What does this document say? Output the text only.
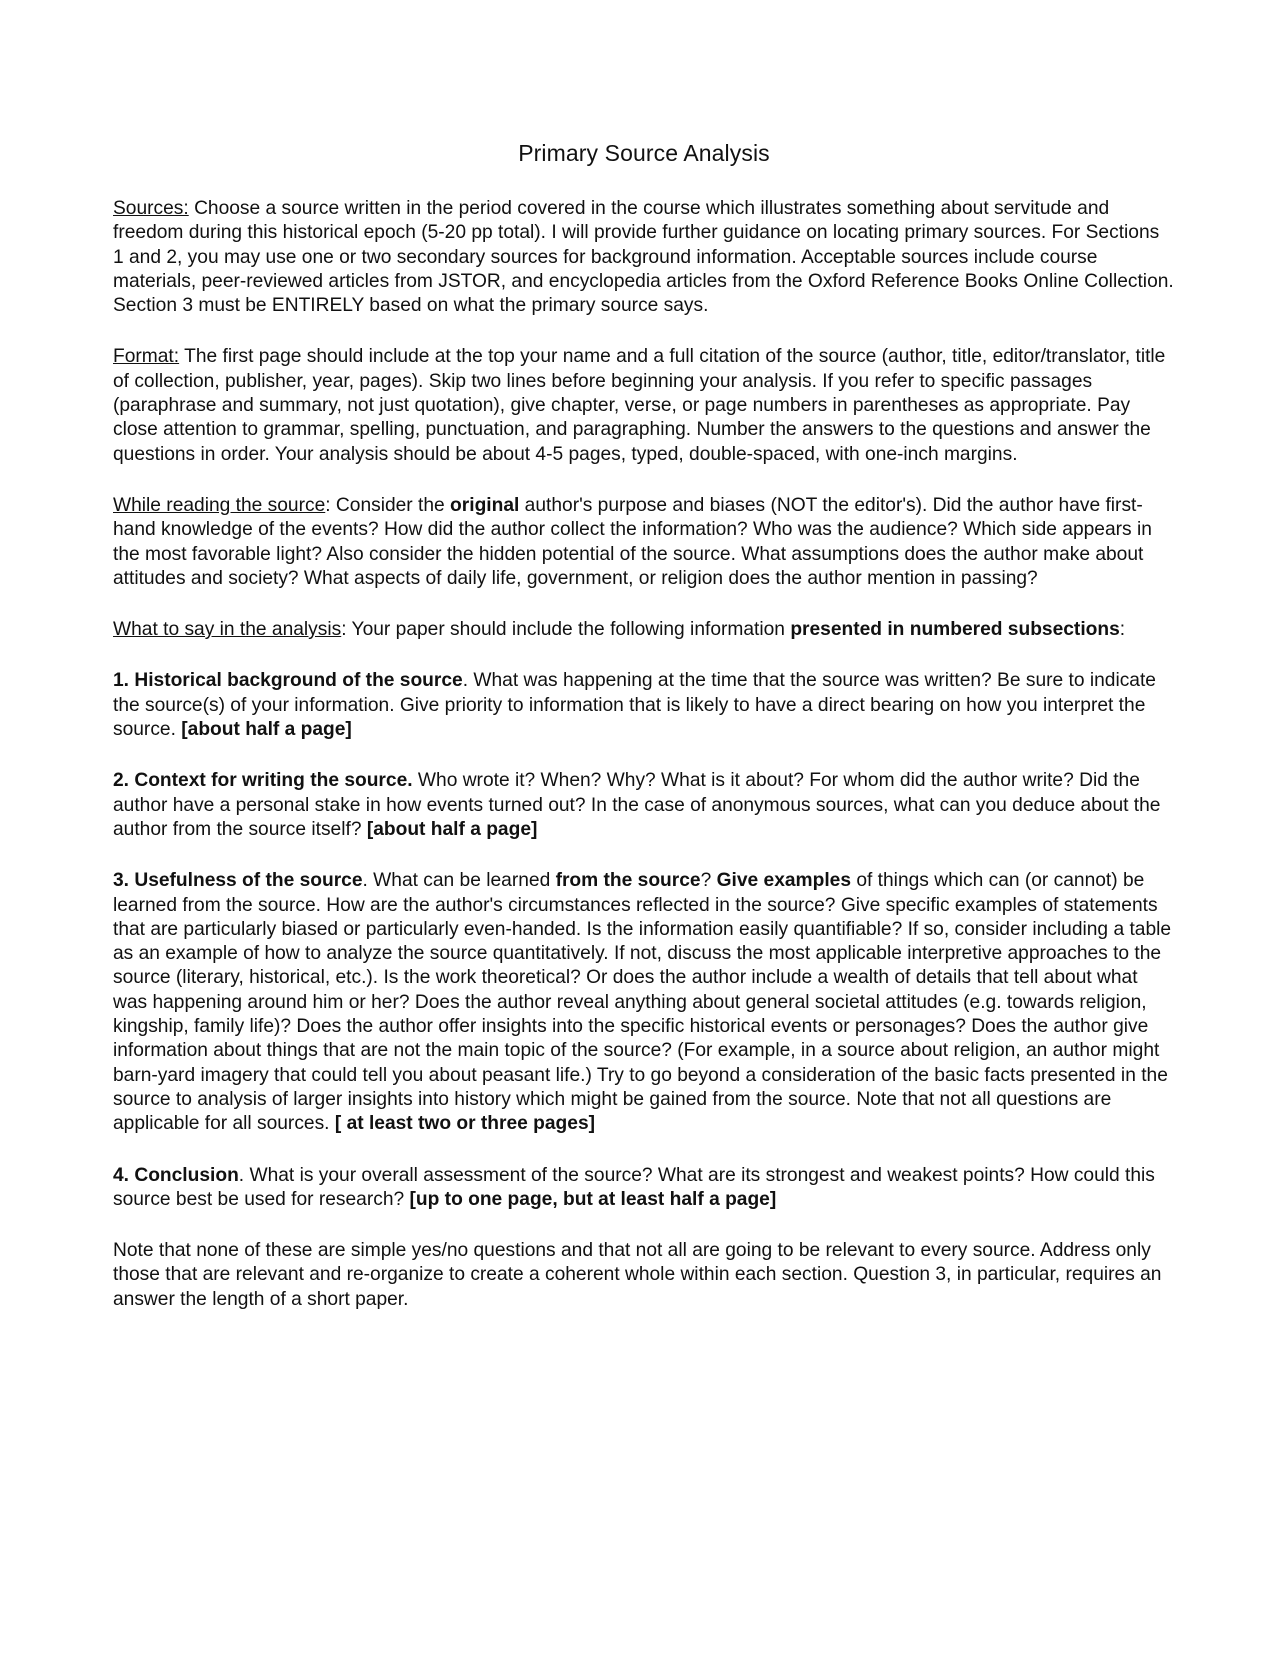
Primary Source Analysis

Sources: Choose a source written in the period covered in the course which illustrates something about servitude and freedom during this historical epoch (5-20 pp total). I will provide further guidance on locating primary sources. For Sections 1 and 2, you may use one or two secondary sources for background information. Acceptable sources include course materials, peer-reviewed articles from JSTOR, and encyclopedia articles from the Oxford Reference Books Online Collection. Section 3 must be ENTIRELY based on what the primary source says.

Format: The first page should include at the top your name and a full citation of the source (author, title, editor/translator, title of collection, publisher, year, pages). Skip two lines before beginning your analysis. If you refer to specific passages (paraphrase and summary, not just quotation), give chapter, verse, or page numbers in parentheses as appropriate. Pay close attention to grammar, spelling, punctuation, and paragraphing. Number the answers to the questions and answer the questions in order. Your analysis should be about 4-5 pages, typed, double-spaced, with one-inch margins.

While reading the source: Consider the original author's purpose and biases (NOT the editor's). Did the author have first-hand knowledge of the events? How did the author collect the information? Who was the audience? Which side appears in the most favorable light? Also consider the hidden potential of the source. What assumptions does the author make about attitudes and society? What aspects of daily life, government, or religion does the author mention in passing?

What to say in the analysis: Your paper should include the following information presented in numbered subsections:

1. Historical background of the source. What was happening at the time that the source was written? Be sure to indicate the source(s) of your information. Give priority to information that is likely to have a direct bearing on how you interpret the source. [about half a page]

2. Context for writing the source. Who wrote it? When? Why? What is it about? For whom did the author write? Did the author have a personal stake in how events turned out? In the case of anonymous sources, what can you deduce about the author from the source itself? [about half a page]

3. Usefulness of the source. What can be learned from the source? Give examples of things which can (or cannot) be learned from the source. How are the author's circumstances reflected in the source? Give specific examples of statements that are particularly biased or particularly even-handed. Is the information easily quantifiable? If so, consider including a table as an example of how to analyze the source quantitatively. If not, discuss the most applicable interpretive approaches to the source (literary, historical, etc.). Is the work theoretical? Or does the author include a wealth of details that tell about what was happening around him or her? Does the author reveal anything about general societal attitudes (e.g. towards religion, kingship, family life)? Does the author offer insights into the specific historical events or personages? Does the author give information about things that are not the main topic of the source? (For example, in a source about religion, an author might barn-yard imagery that could tell you about peasant life.) Try to go beyond a consideration of the basic facts presented in the source to analysis of larger insights into history which might be gained from the source. Note that not all questions are applicable for all sources. [ at least two or three pages]

4. Conclusion. What is your overall assessment of the source? What are its strongest and weakest points? How could this source best be used for research? [up to one page, but at least half a page]

Note that none of these are simple yes/no questions and that not all are going to be relevant to every source. Address only those that are relevant and re-organize to create a coherent whole within each section. Question 3, in particular, requires an answer the length of a short paper.
